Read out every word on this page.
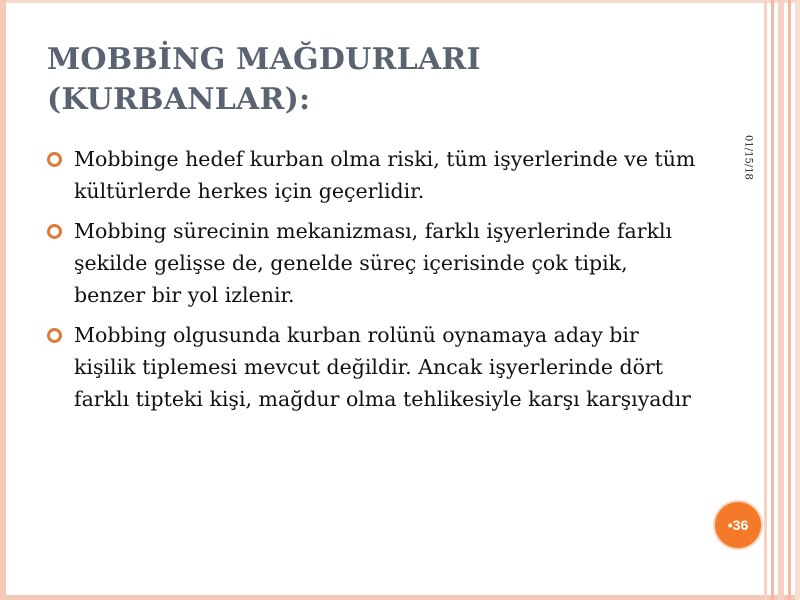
MOBBİNG MAĞDURLARI (KURBANLAR):
Mobbinge hedef kurban olma riski, tüm işyerlerinde ve tüm kültürlerde herkes için geçerlidir.
Mobbing sürecinin mekanizması, farklı işyerlerinde farklı şekilde gelişse de, genelde süreç içerisinde çok tipik, benzer bir yol izlenir.
Mobbing olgusunda kurban rolünü oynamaya aday bir kişilik tiplemesi mevcut değildir. Ancak işyerlerinde dört farklı tipteki kişi, mağdur olma tehlikesiyle karşı karşıyadır
01/15/18
•36
